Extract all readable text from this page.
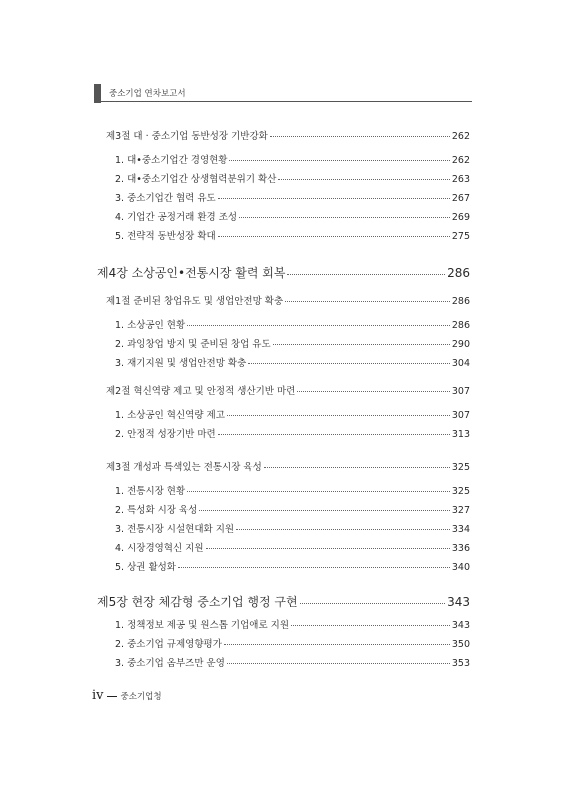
중소기업 연차보고서
제3절 대 · 중소기업 동반성장 기반강화	262
1. 대•중소기업간 경영현황	262
2. 대•중소기업간 상생협력분위기 확산	263
3. 중소기업간 협력 유도	267
4. 기업간 공정거래 환경 조성	269
5. 전략적 동반성장 확대	275
제4장 소상공인•전통시장 활력 회복	286
제1절 준비된 창업유도 및 생업안전망 확충	286
1. 소상공인 현황	286
2. 과잉창업 방지 및 준비된 창업 유도	290
3. 재기지원 및 생업안전망 확충	304
제2절 혁신역량 제고 및 안정적 생산기반 마련	307
1. 소상공인 혁신역량 제고	307
2. 안정적 성장기반 마련	313
제3절 개성과 특색있는 전통시장 육성	325
1. 전통시장 현황	325
2. 특성화 시장 육성	327
3. 전통시장 시설현대화 지원	334
4. 시장경영혁신 지원	336
5. 상권 활성화	340
제5장 현장 체감형 중소기업 행정 구현	343
1. 정책정보 제공 및 원스톱 기업애로 지원	343
2. 중소기업 규제영향평가	350
3. 중소기업 옴부즈만 운영	353
iv 중소기업청
